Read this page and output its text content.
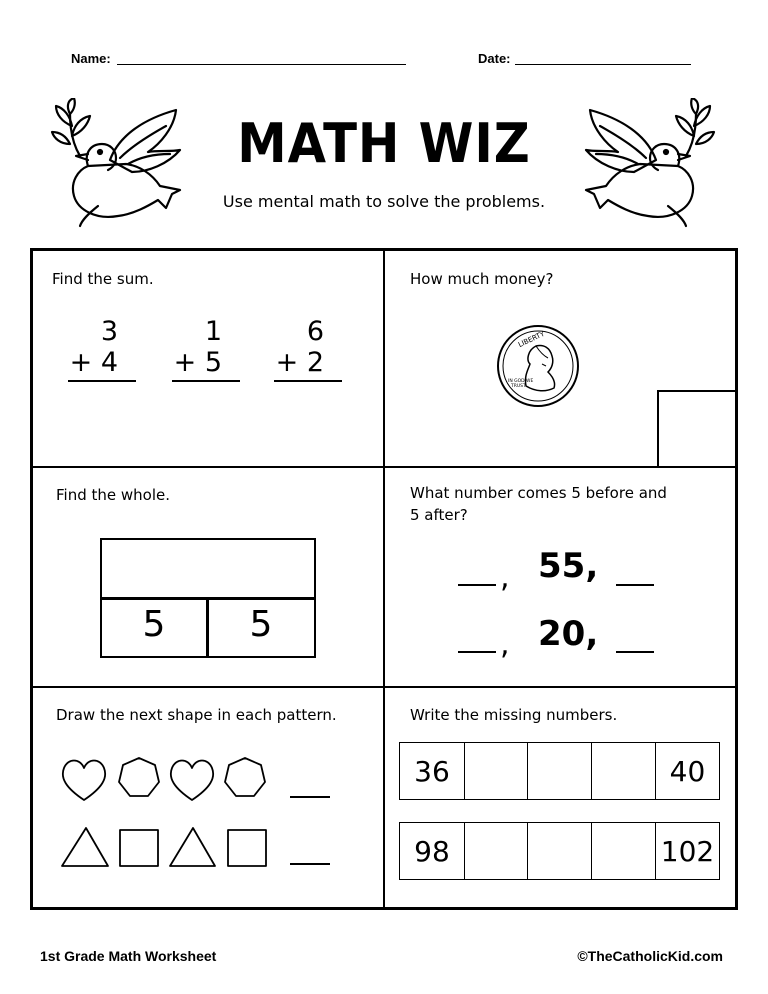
Name:	Date:
MATH WIZ
Use mental math to solve the problems.
Find the sum.
3
+ 4
1
+ 5
6
+ 2
How much money?
LIBERTY
IN GOD WE
TRUST
Find the whole.
5	5
What number comes 5 before and
5 after?
, 55,
, 20,
Draw the next shape in each pattern.	Write the missing numbers.
36	40
98	102
1st Grade Math Worksheet	©TheCatholicKid.com
